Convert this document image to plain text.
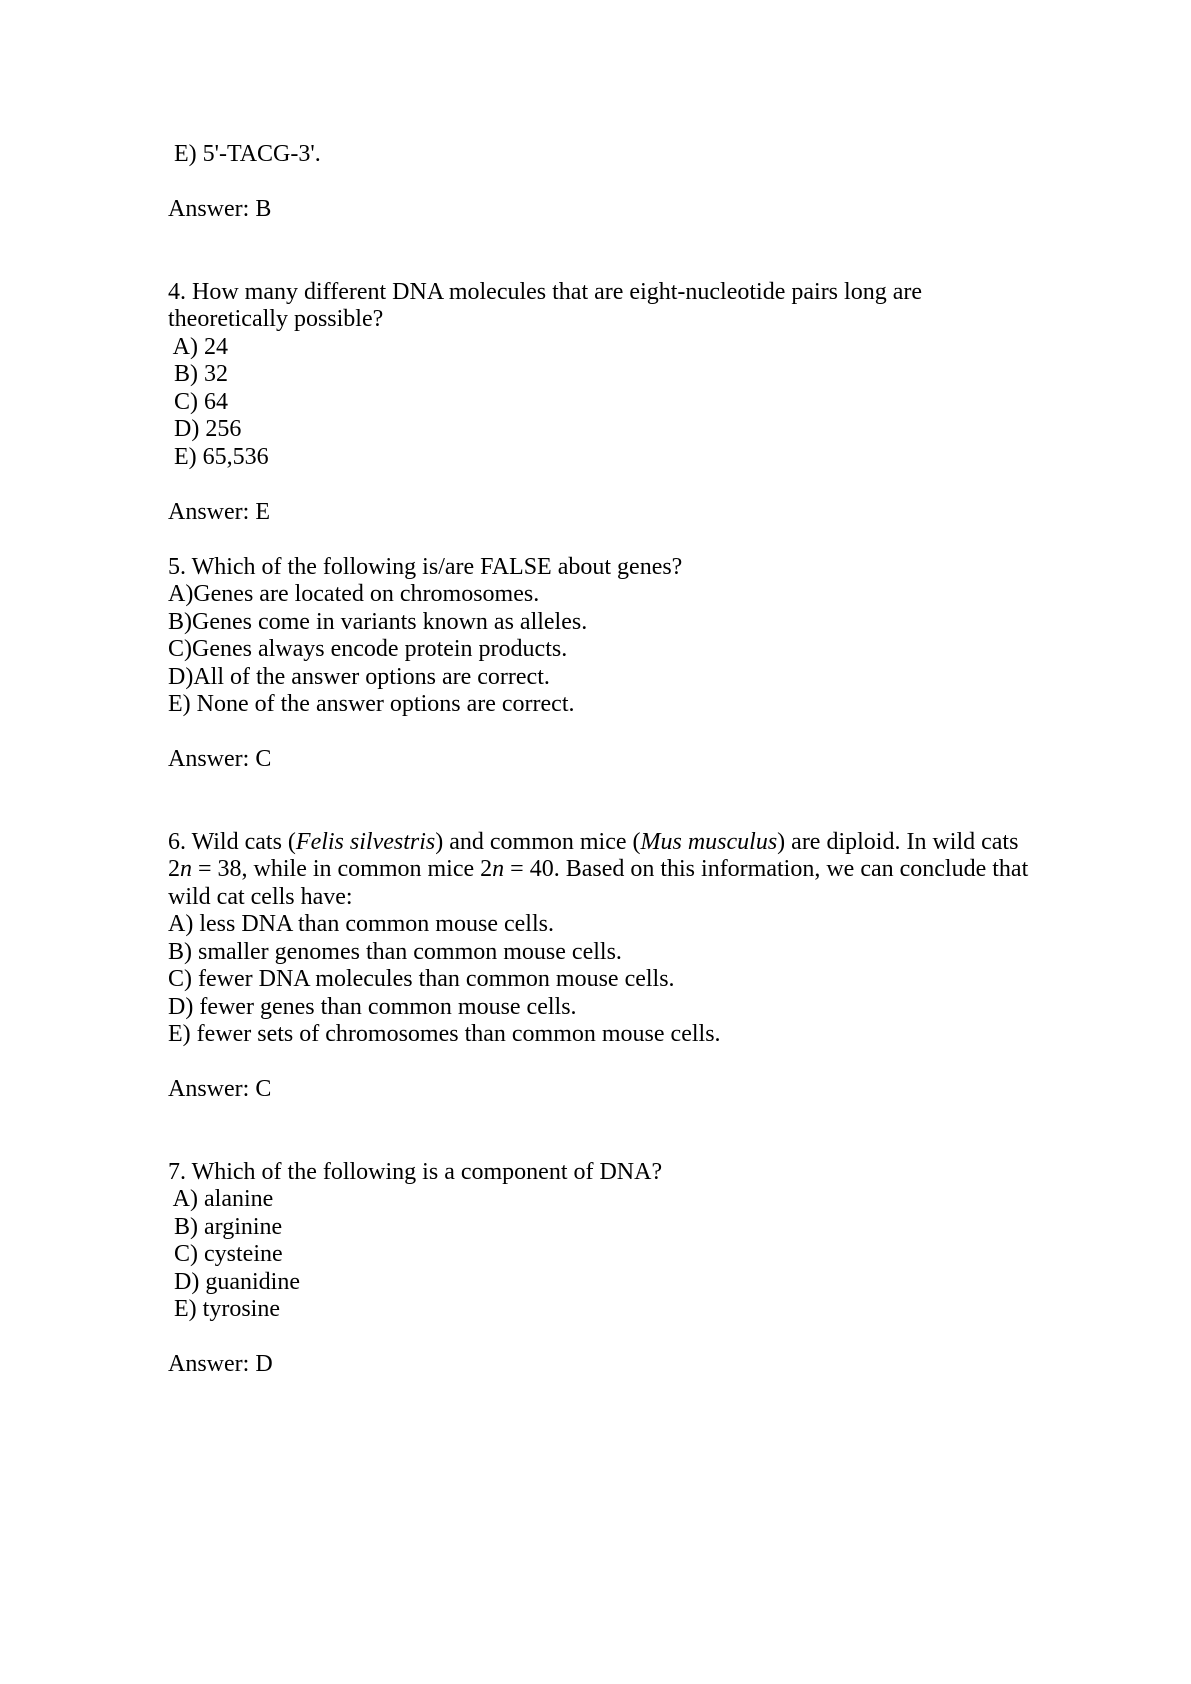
E) 5'-TACG-3'.
Answer: B
4. How many different DNA molecules that are eight-nucleotide pairs long are
theoretically possible?
A) 24
B) 32
C) 64
D) 256
E) 65,536
Answer: E
5. Which of the following is/are FALSE about genes?
A)Genes are located on chromosomes.
B)Genes come in variants known as alleles.
C)Genes always encode protein products.
D)All of the answer options are correct.
E) None of the answer options are correct.
Answer: C
6. Wild cats (Felis silvestris) and common mice (Mus musculus) are diploid. In wild cats
2n = 38, while in common mice 2n = 40. Based on this information, we can conclude that
wild cat cells have:
A) less DNA than common mouse cells.
B) smaller genomes than common mouse cells.
C) fewer DNA molecules than common mouse cells.
D) fewer genes than common mouse cells.
E) fewer sets of chromosomes than common mouse cells.
Answer: C
7. Which of the following is a component of DNA?
A) alanine
B) arginine
C) cysteine
D) guanidine
E) tyrosine
Answer: D
